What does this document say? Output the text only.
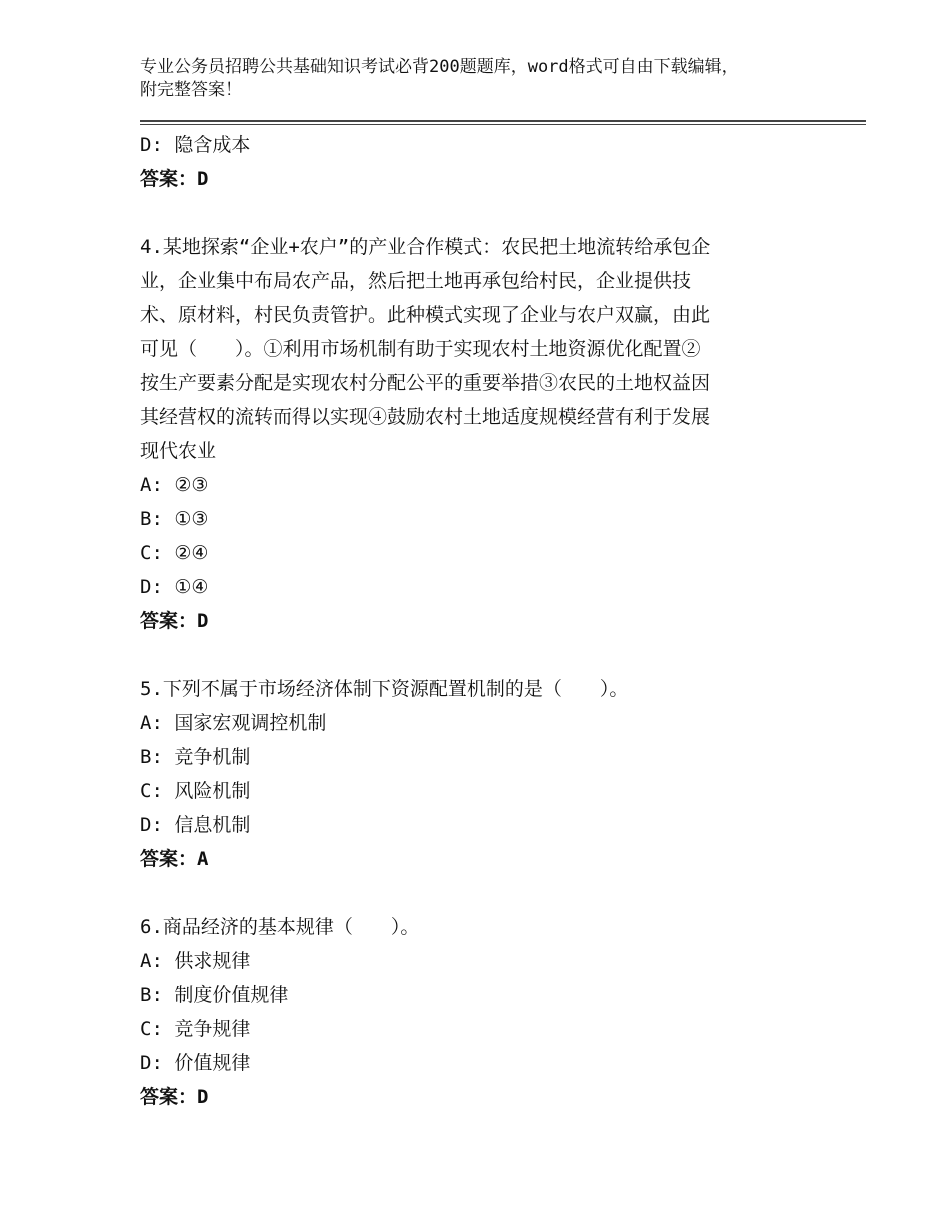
专业公务员招聘公共基础知识考试必背200题题库，word格式可自由下载编辑，
附完整答案！
D: 隐含成本
答案：D
4.某地探索“企业+农户”的产业合作模式：农民把土地流转给承包企
业，企业集中布局农产品，然后把土地再承包给村民，企业提供技
术、原材料，村民负责管护。此种模式实现了企业与农户双赢，由此
可见（　　）。①利用市场机制有助于实现农村土地资源优化配置②
按生产要素分配是实现农村分配公平的重要举措③农民的土地权益因
其经营权的流转而得以实现④鼓励农村土地适度规模经营有利于发展
现代农业
A: ②③
B: ①③
C: ②④
D: ①④
答案：D
5.下列不属于市场经济体制下资源配置机制的是（　　）。
A: 国家宏观调控机制
B: 竞争机制
C: 风险机制
D: 信息机制
答案：A
6.商品经济的基本规律（　　）。
A: 供求规律
B: 制度价值规律
C: 竞争规律
D: 价值规律
答案：D
